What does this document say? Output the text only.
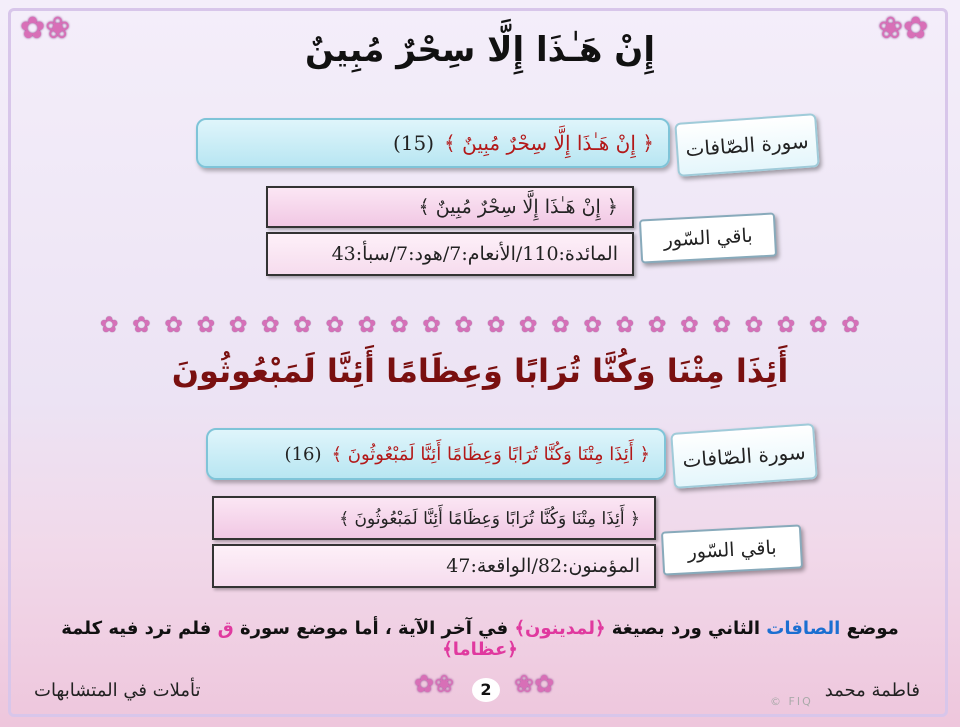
✿❀	❀✿
إِنْ هَـٰذَا إِلَّا سِحْرٌ مُبِينٌ
﴿ إِنْ هَـٰذَا إِلَّا سِحْرٌ مُبِينٌ ﴾
(15)	سورة الصّافات
﴿ إِنْ هَـٰذَا إِلَّا سِحْرٌ مُبِينٌ ﴾
المائدة:110/الأنعام:7/هود:7/سبأ:43
باقي السّور
✿ ✿ ✿ ✿ ✿ ✿ ✿ ✿ ✿ ✿ ✿ ✿ ✿ ✿ ✿ ✿ ✿ ✿ ✿ ✿ ✿ ✿ ✿ ✿
أَئِذَا مِتْنَا وَكُنَّا تُرَابًا وَعِظَامًا أَئِنَّا لَمَبْعُوثُونَ
﴿ أَئِذَا مِتْنَا وَكُنَّا تُرَابًا وَعِظَامًا أَئِنَّا لَمَبْعُوثُونَ ﴾
(16)	سورة الصّافات
﴿ أَئِذَا مِتْنَا وَكُنَّا تُرَابًا وَعِظَامًا أَئِنَّا لَمَبْعُوثُونَ ﴾
المؤمنون:82/الواقعة:47
باقي السّور
موضع الصافات الثاني ورد بصيغة ﴿لمدينون﴾ في آخر الآية ، أما موضع سورة ق فلم ترد فيه كلمة ﴿عظاما﴾
✿❀ ❀✿
2
تأملات في المتشابهات	فاطمة محمد
© FIQ
